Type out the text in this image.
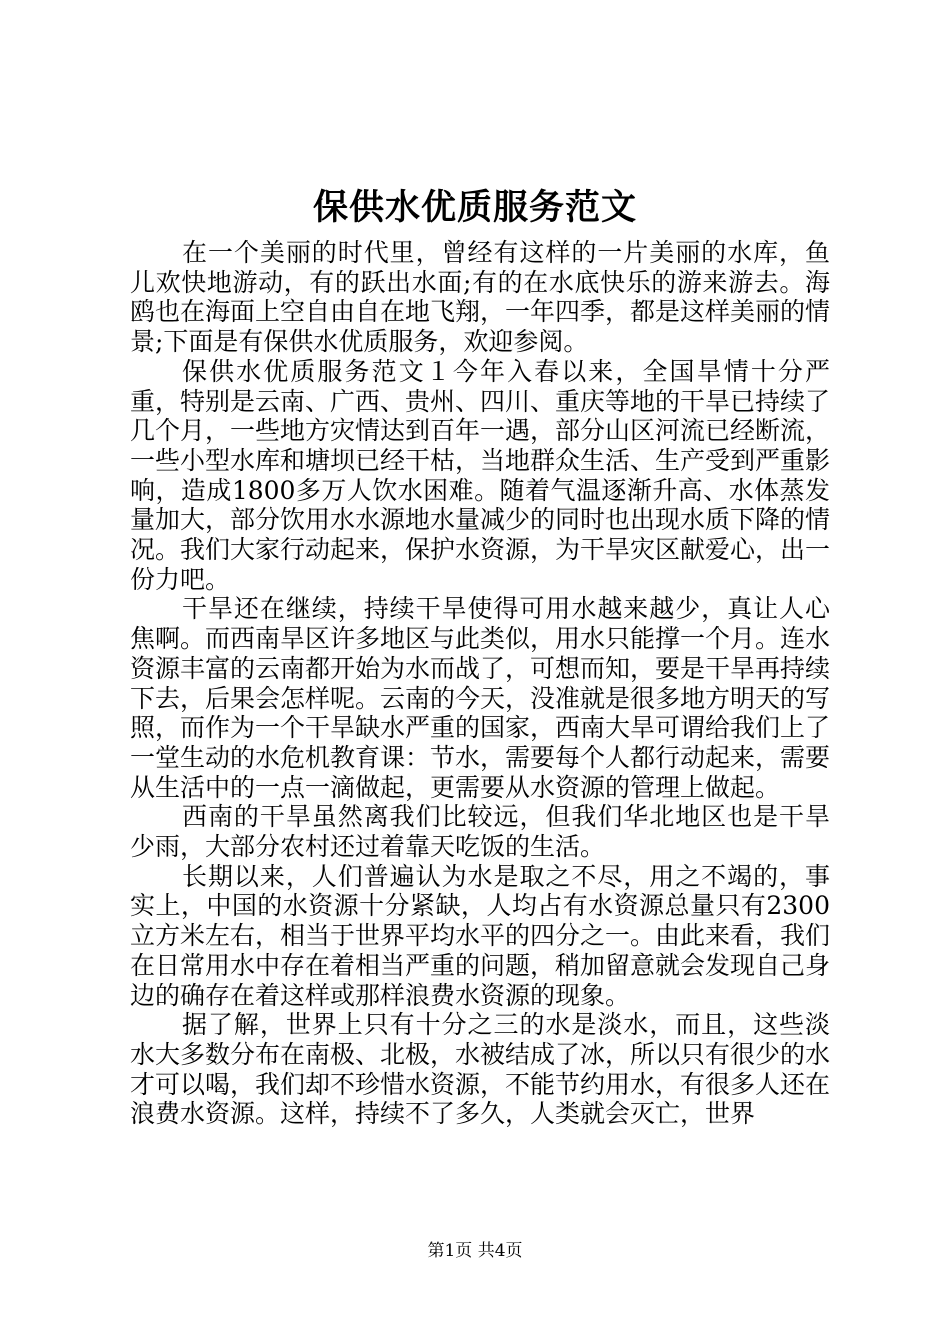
保供水优质服务范文

在一个美丽的时代里，曾经有这样的一片美丽的水库，鱼儿欢快地游动，有的跃出水面;有的在水底快乐的游来游去。海鸥也在海面上空自由自在地飞翔，一年四季，都是这样美丽的情景;下面是有保供水优质服务，欢迎参阅。

保供水优质服务范文１今年入春以来，全国旱情十分严重，特别是云南、广西、贵州、四川、重庆等地的干旱已持续了几个月，一些地方灾情达到百年一遇，部分山区河流已经断流，一些小型水库和塘坝已经干枯，当地群众生活、生产受到严重影响，造成1800多万人饮水困难。随着气温逐渐升高、水体蒸发量加大，部分饮用水水源地水量减少的同时也出现水质下降的情况。我们大家行动起来，保护水资源，为干旱灾区献爱心，出一份力吧。

干旱还在继续，持续干旱使得可用水越来越少，真让人心焦啊。而西南旱区许多地区与此类似，用水只能撑一个月。连水资源丰富的云南都开始为水而战了，可想而知，要是干旱再持续下去，后果会怎样呢。云南的今天，没准就是很多地方明天的写照，而作为一个干旱缺水严重的国家，西南大旱可谓给我们上了一堂生动的水危机教育课：节水，需要每个人都行动起来，需要从生活中的一点一滴做起，更需要从水资源的管理上做起。

西南的干旱虽然离我们比较远，但我们华北地区也是干旱少雨，大部分农村还过着靠天吃饭的生活。

长期以来，人们普遍认为水是取之不尽，用之不竭的，事实上，中国的水资源十分紧缺，人均占有水资源总量只有2300立方米左右，相当于世界平均水平的四分之一。由此来看，我们在日常用水中存在着相当严重的问题，稍加留意就会发现自己身边的确存在着这样或那样浪费水资源的现象。

据了解，世界上只有十分之三的水是淡水，而且，这些淡水大多数分布在南极、北极，水被结成了冰，所以只有很少的水才可以喝，我们却不珍惜水资源，不能节约用水，有很多人还在浪费水资源。这样，持续不了多久，人类就会灭亡，世界

第1页 共4页
